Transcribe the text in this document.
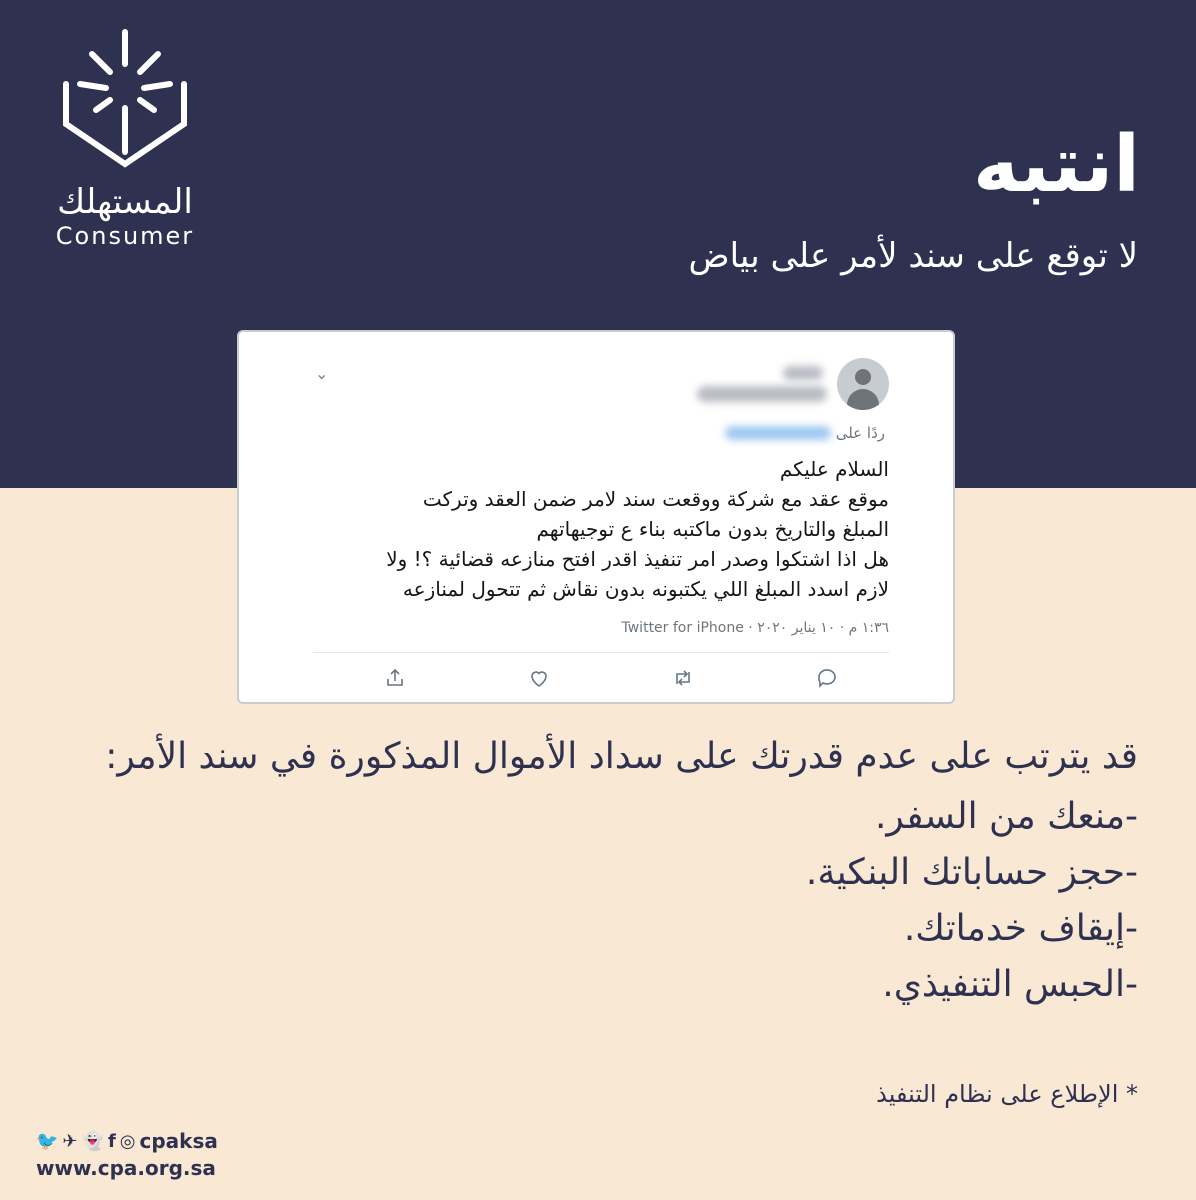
المستهلك
Consumer
انتبه
لا توقع على سند لأمر على بياض
⌄
ردًا على
السلام عليكم
موقع عقد مع شركة ووقعت سند لامر ضمن العقد وتركت
المبلغ والتاريخ بدون ماكتبه بناء ع توجيهاتهم
هل اذا اشتكوا وصدر امر تنفيذ اقدر افتح منازعه قضائية ؟! ولا
لازم اسدد المبلغ اللي يكتبونه بدون نقاش ثم تتحول لمنازعه
١:٣٦ م · ١٠ يناير ٢٠٢٠ · Twitter for iPhone
قد يترتب على عدم قدرتك على سداد الأموال المذكورة في سند الأمر:
-منعك من السفر.
-حجز حساباتك البنكية.
-إيقاف خدماتك.
-الحبس التنفيذي.
* الإطلاع على نظام التنفيذ
🐦 ✈ 👻 f ◎ cpaksa
www.cpa.org.sa
